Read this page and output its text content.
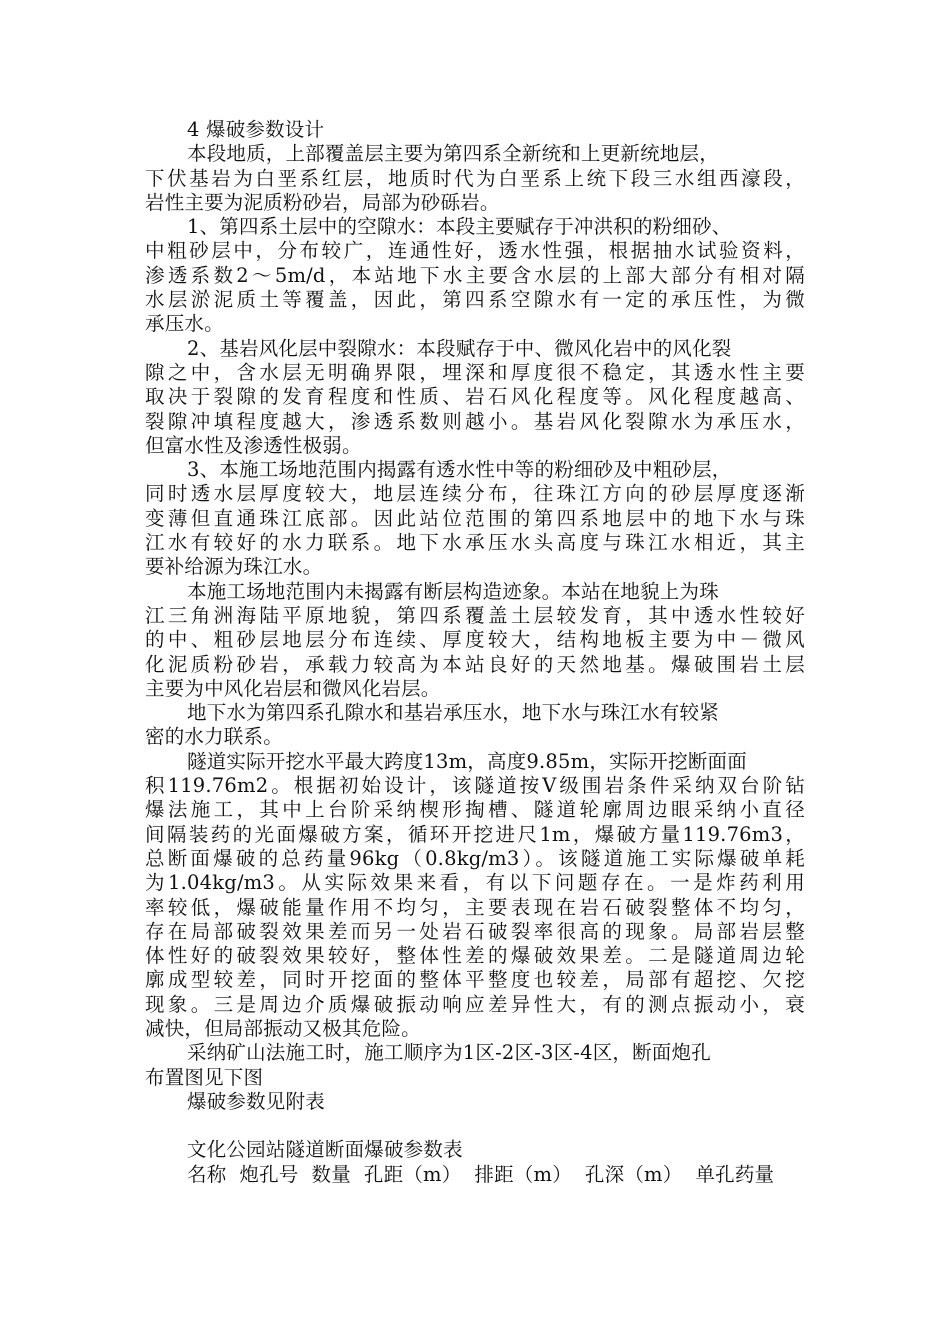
4 爆破参数设计
本段地质，上部覆盖层主要为第四系全新统和上更新统地层，
下伏基岩为白垩系红层，地质时代为白垩系上统下段三水组西濠段，
岩性主要为泥质粉砂岩，局部为砂砾岩。
1、第四系土层中的空隙水：本段主要赋存于冲洪积的粉细砂、
中粗砂层中，分布较广，连通性好，透水性强，根据抽水试验资料，
渗透系数2～5m/d，本站地下水主要含水层的上部大部分有相对隔
水层淤泥质土等覆盖，因此，第四系空隙水有一定的承压性，为微
承压水。
2、基岩风化层中裂隙水：本段赋存于中、微风化岩中的风化裂
隙之中，含水层无明确界限，埋深和厚度很不稳定，其透水性主要
取决于裂隙的发育程度和性质、岩石风化程度等。风化程度越高、
裂隙冲填程度越大，渗透系数则越小。基岩风化裂隙水为承压水，
但富水性及渗透性极弱。
3、本施工场地范围内揭露有透水性中等的粉细砂及中粗砂层，
同时透水层厚度较大，地层连续分布，往珠江方向的砂层厚度逐渐
变薄但直通珠江底部。因此站位范围的第四系地层中的地下水与珠
江水有较好的水力联系。地下水承压水头高度与珠江水相近，其主
要补给源为珠江水。
本施工场地范围内未揭露有断层构造迹象。本站在地貌上为珠
江三角洲海陆平原地貌，第四系覆盖土层较发育，其中透水性较好
的中、粗砂层地层分布连续、厚度较大，结构地板主要为中－微风
化泥质粉砂岩，承载力较高为本站良好的天然地基。爆破围岩土层
主要为中风化岩层和微风化岩层。
地下水为第四系孔隙水和基岩承压水，地下水与珠江水有较紧
密的水力联系。
隧道实际开挖水平最大跨度13m，高度9.85m，实际开挖断面面
积119.76m2。根据初始设计，该隧道按Ⅴ级围岩条件采纳双台阶钻
爆法施工，其中上台阶采纳楔形掏槽、隧道轮廓周边眼采纳小直径
间隔装药的光面爆破方案，循环开挖进尺1m，爆破方量119.76m3，
总断面爆破的总药量96kg（0.8kg/m3）。该隧道施工实际爆破单耗
为1.04kg/m3。从实际效果来看，有以下问题存在。一是炸药利用
率较低，爆破能量作用不均匀，主要表现在岩石破裂整体不均匀，
存在局部破裂效果差而另一处岩石破裂率很高的现象。局部岩层整
体性好的破裂效果较好，整体性差的爆破效果差。二是隧道周边轮
廓成型较差，同时开挖面的整体平整度也较差，局部有超挖、欠挖
现象。三是周边介质爆破振动响应差异性大，有的测点振动小，衰
减快，但局部振动又极其危险。
采纳矿山法施工时，施工顺序为1区-2区-3区-4区，断面炮孔
布置图见下图
爆破参数见附表
文化公园站隧道断面爆破参数表
名称 炮孔号 数量 孔距（m） 排距（m） 孔深（m） 单孔药量
